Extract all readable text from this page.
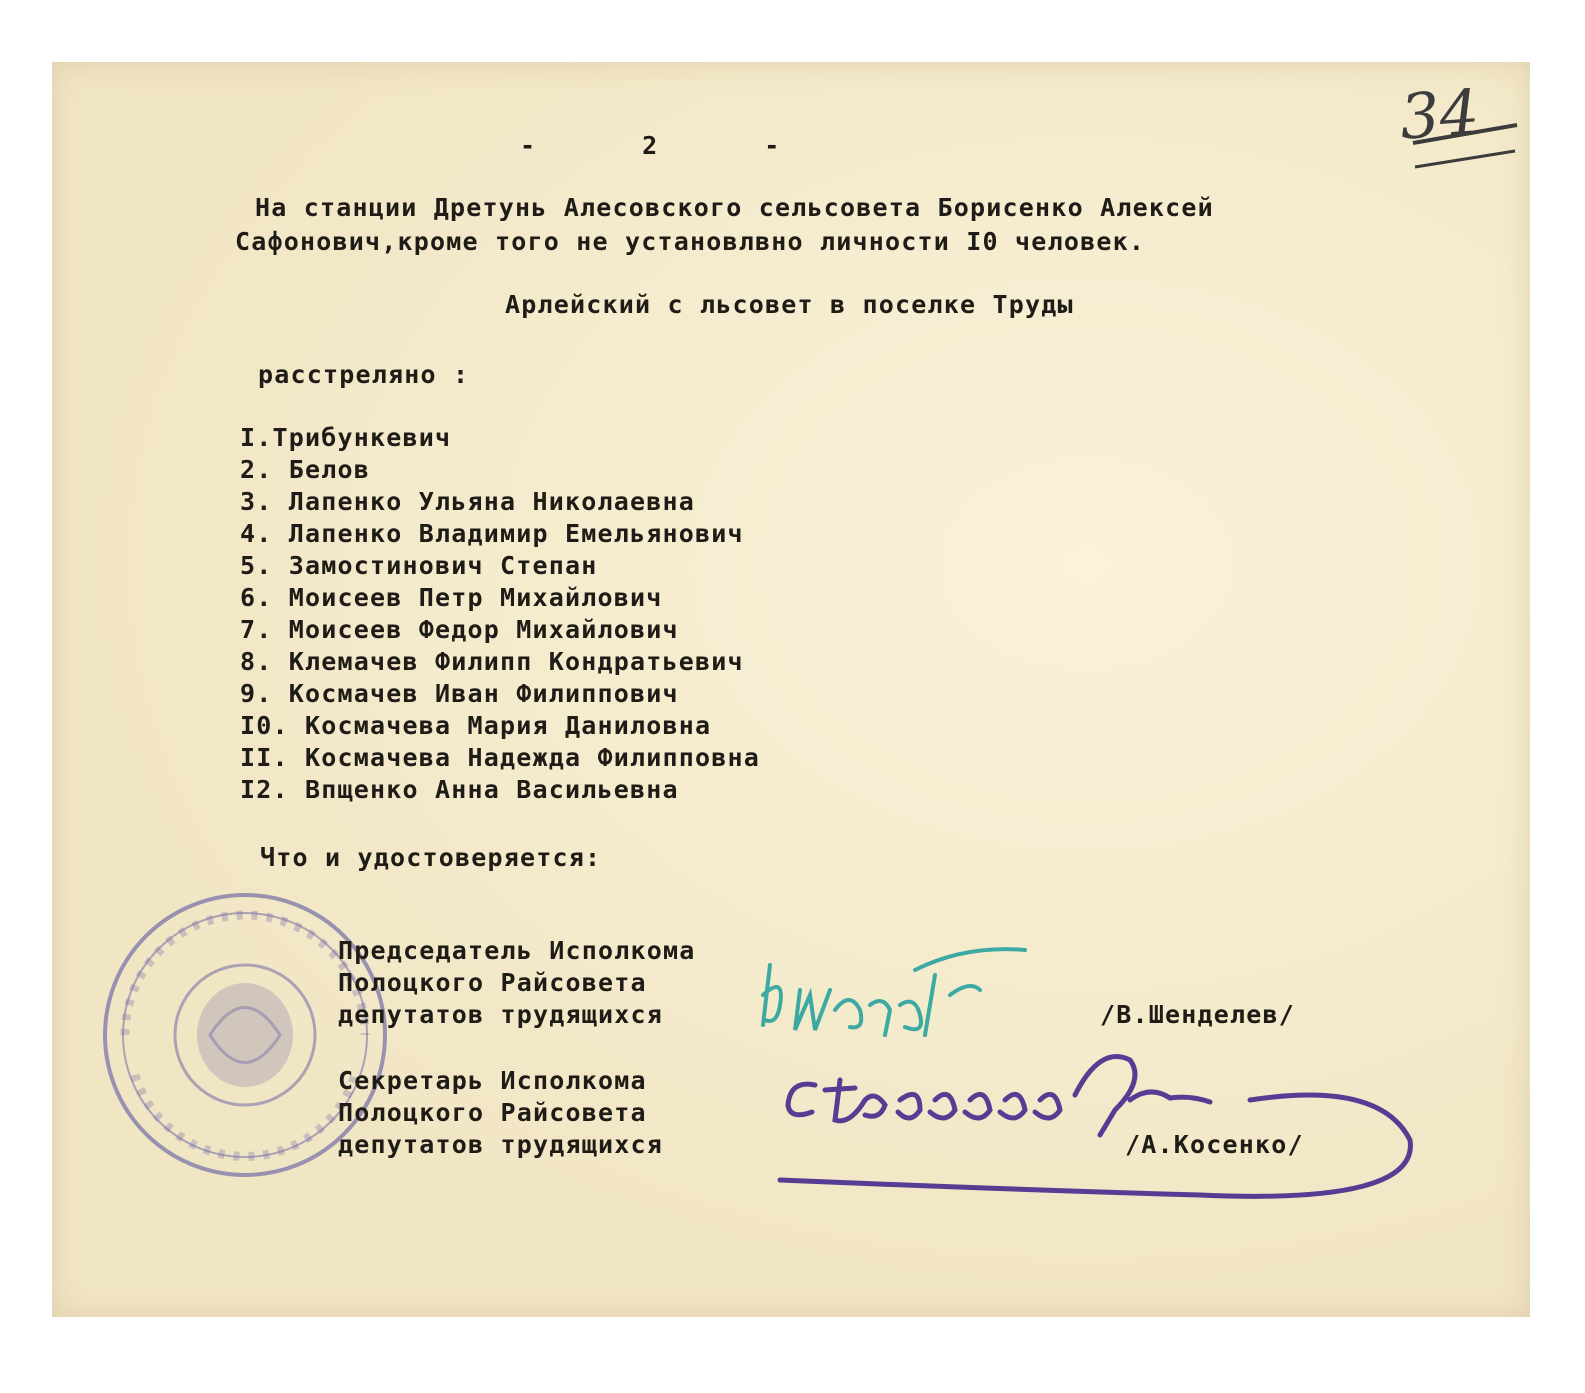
34
- 2 -
На станции Дретунь Алесовского сельсовета Борисенко Алексей
Сафонович,кроме того не установлвно личности I0 человек.
Арлейский с льсовет в поселке Труды
расстреляно :
I.Трибункевич
2. Белов
3. Лапенко Ульяна Николаевна
4. Лапенко Владимир Емельянович
5. Замостинович Степан
6. Моисеев Петр Михайлович
7. Моисеев Федор Михайлович
8. Клемачев Филипп Кондратьевич
9. Космачев Иван Филиппович
I0. Космачева Мария Даниловна
II. Космачева Надежда Филипповна
I2. Впщенко Анна Васильевна
Что и удостоверяется:
Председатель Исполкома
Полоцкого Райсовета
депутатов трудящихся	/В.Шенделев/
Секретарь Исполкома
Полоцкого Райсовета
депутатов трудящихся	/А.Косенко/
